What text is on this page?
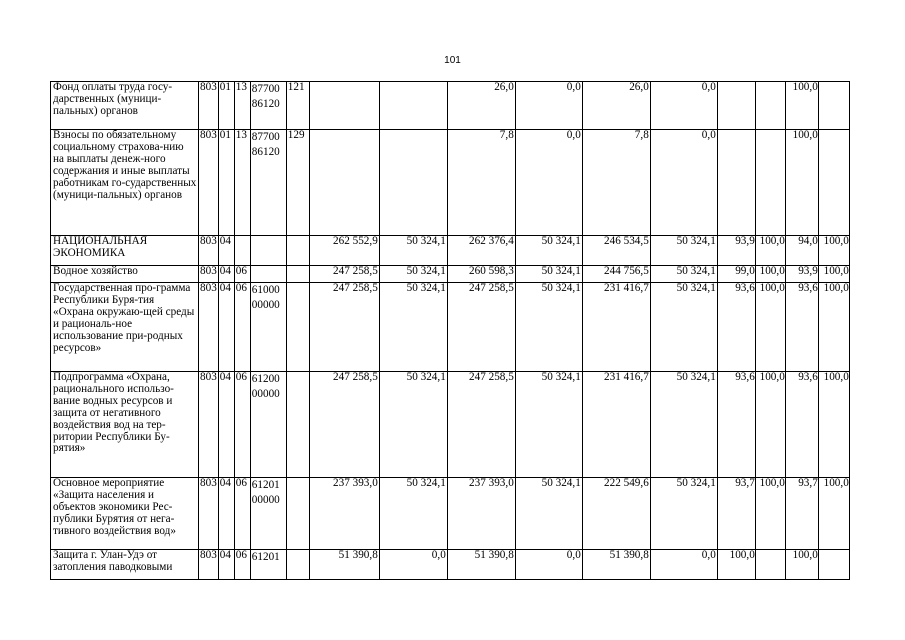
101
Фонд оплаты труда госу-дарственных (муници-пальных) органов	803	01	13	87700 86120	121			26,0	0,0	26,0	0,0			100,0	
Взносы по обязательному социальному страхова-нию на выплаты денеж-ного содержания и иные выплаты работникам го-сударственных (муници-пальных) органов	803	01	13	87700 86120	129			7,8	0,0	7,8	0,0			100,0	
НАЦИОНАЛЬНАЯ ЭКОНОМИКА	803	04				262 552,9	50 324,1	262 376,4	50 324,1	246 534,5	50 324,1	93,9	100,0	94,0	100,0
Водное хозяйство	803	04	06			247 258,5	50 324,1	260 598,3	50 324,1	244 756,5	50 324,1	99,0	100,0	93,9	100,0
Государственная про-грамма Республики Буря-тия «Охрана окружаю-щей среды и рациональ-ное использование при-родных ресурсов»	803	04	06	61000 00000		247 258,5	50 324,1	247 258,5	50 324,1	231 416,7	50 324,1	93,6	100,0	93,6	100,0
Подпрограмма «Охрана, рационального использо-вание водных ресурсов и защита от негативного воздействия вод на тер-ритории Республики Бу-рятия»	803	04	06	61200 00000		247 258,5	50 324,1	247 258,5	50 324,1	231 416,7	50 324,1	93,6	100,0	93,6	100,0
Основное мероприятие «Защита населения и объектов экономики Рес-публики Бурятия от нега-тивного воздействия вод»	803	04	06	61201 00000		237 393,0	50 324,1	237 393,0	50 324,1	222 549,6	50 324,1	93,7	100,0	93,7	100,0
Защита г. Улан-Удэ от затопления паводковыми	803	04	06	61201		51 390,8	0,0	51 390,8	0,0	51 390,8	0,0	100,0		100,0	
